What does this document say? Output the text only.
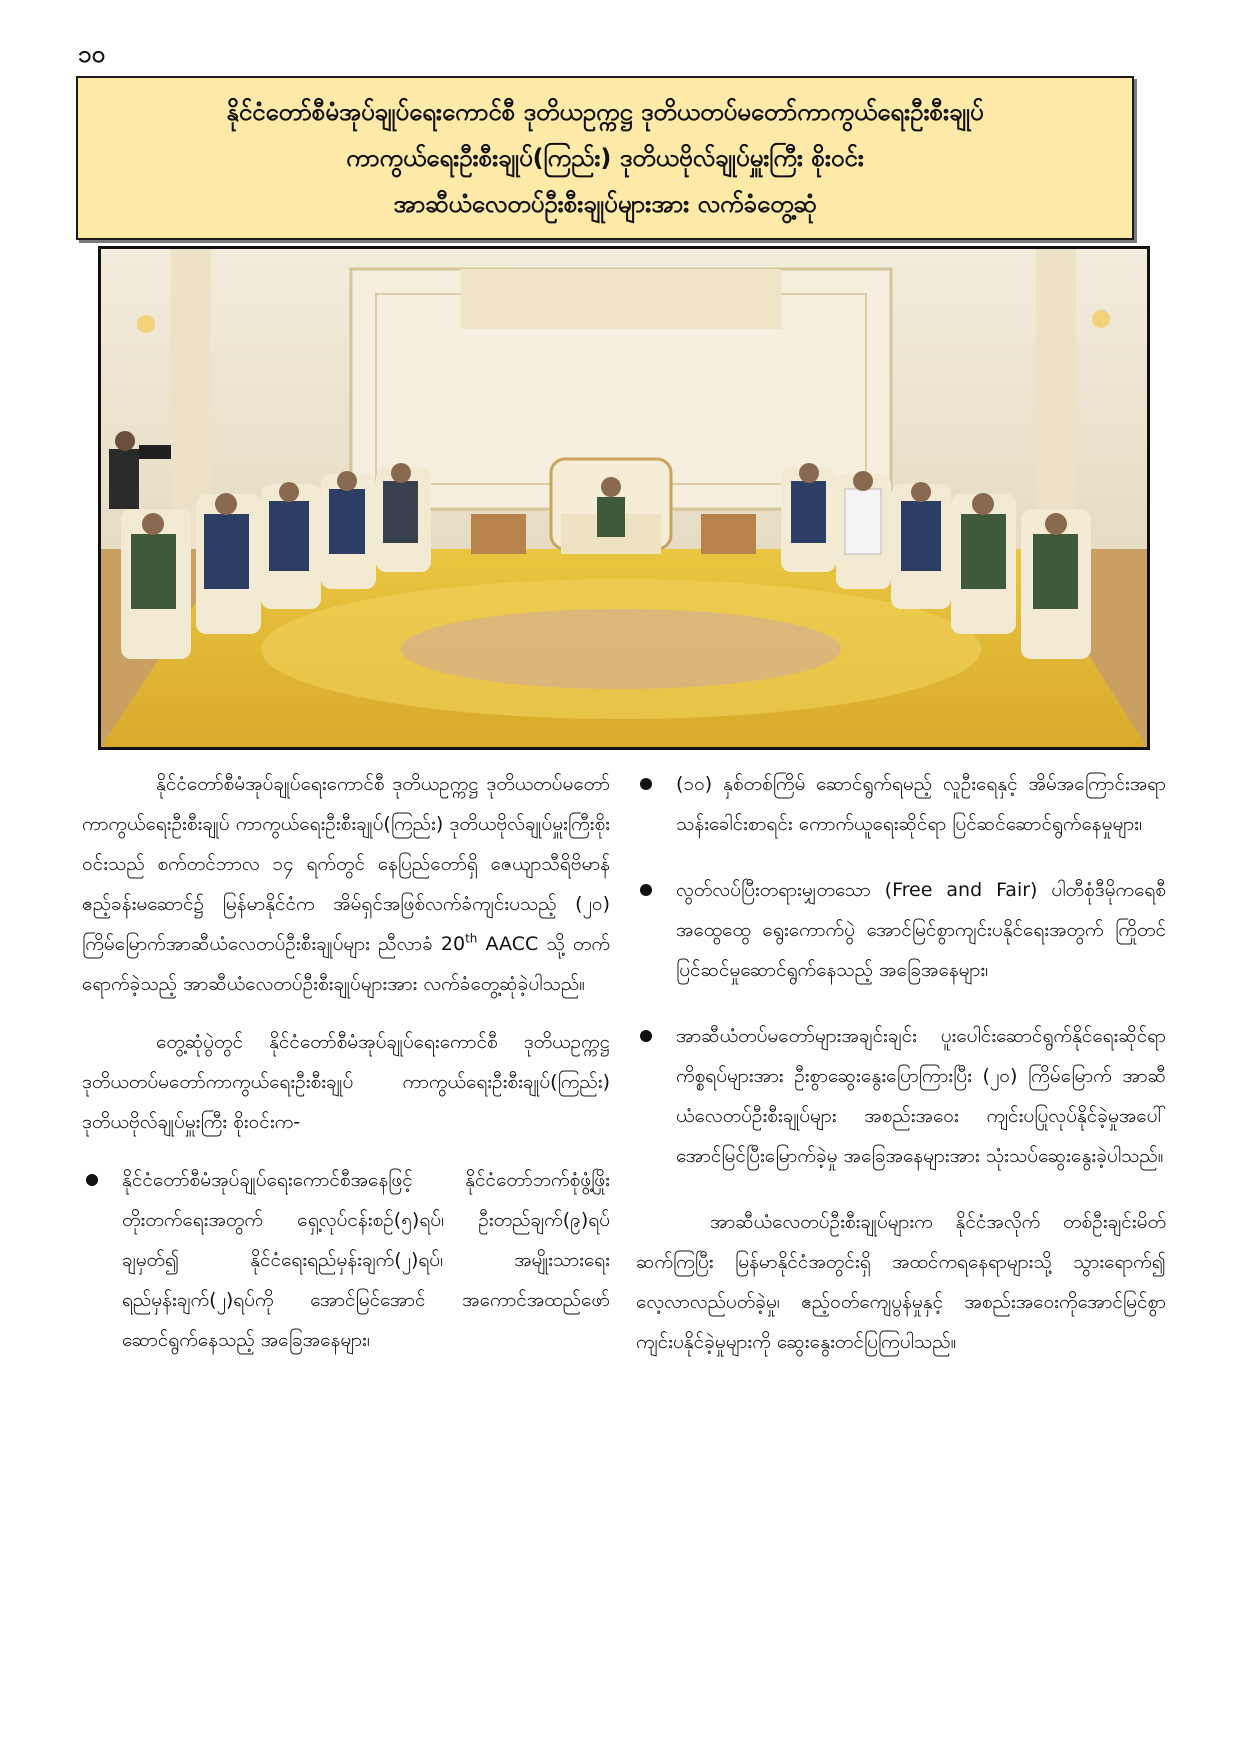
၁၀
နိုင်ငံတော်စီမံအုပ်ချုပ်ရေးကောင်စီ ဒုတိယဥက္ကဋ္ဌ ဒုတိယတပ်မတော်ကာကွယ်ရေးဦးစီးချုပ်
ကာကွယ်ရေးဦးစီးချုပ်(ကြည်း) ဒုတိယဗိုလ်ချုပ်မှူးကြီး စိုးဝင်း
အာဆီယံလေတပ်ဦးစီးချုပ်များအား လက်ခံတွေ့ဆုံ

နိုင်ငံတော်စီမံအုပ်ချုပ်ရေးကောင်စီ ဒုတိယဥက္ကဋ္ဌ ဒုတိယတပ်မတော်ကာကွယ်ရေးဦးစီးချုပ် ကာကွယ်ရေးဦးစီးချုပ်(ကြည်း) ဒုတိယဗိုလ်ချုပ်မှူးကြီးစိုးဝင်းသည် စက်တင်ဘာလ ၁၄ ရက်တွင် နေပြည်တော်ရှိ ဇေယျာသီရိဗိမာန် ဧည့်ခန်းမဆောင်၌ မြန်မာနိုင်ငံက အိမ်ရှင်အဖြစ်လက်ခံကျင်းပသည့် (၂၀) ကြိမ်မြောက်အာဆီယံလေတပ်ဦးစီးချုပ်များ ညီလာခံ 20th AACC သို့ တက်ရောက်ခဲ့သည့် အာဆီယံလေတပ်ဦးစီးချုပ်များအား လက်ခံတွေ့ဆုံခဲ့ပါသည်။

တွေ့ဆုံပွဲတွင် နိုင်ငံတော်စီမံအုပ်ချုပ်ရေးကောင်စီ ဒုတိယဥက္ကဋ္ဌ ဒုတိယတပ်မတော်ကာကွယ်ရေးဦးစီးချုပ် ကာကွယ်ရေးဦးစီးချုပ်(ကြည်း) ဒုတိယဗိုလ်ချုပ်မှူးကြီး စိုးဝင်းက-

နိုင်ငံတော်စီမံအုပ်ချုပ်ရေးကောင်စီအနေဖြင့် နိုင်ငံတော်ဘက်စုံဖွံ့ဖြိုးတိုးတက်ရေးအတွက် ရှေ့လုပ်ငန်းစဉ်(၅)ရပ်၊ ဦးတည်ချက်(၉)ရပ် ချမှတ်၍ နိုင်ငံရေးရည်မှန်းချက်(၂)ရပ်၊ အမျိုးသားရေးရည်မှန်းချက်(၂)ရပ်ကို အောင်မြင်အောင် အကောင်အထည်ဖော် ဆောင်ရွက်နေသည့် အခြေအနေများ၊
(၁၀) နှစ်တစ်ကြိမ် ဆောင်ရွက်ရမည့် လူဦးရေနှင့် အိမ်အကြောင်းအရာ သန်းခေါင်းစာရင်း ကောက်ယူရေးဆိုင်ရာ ပြင်ဆင်ဆောင်ရွက်နေမှုများ၊
လွတ်လပ်ပြီးတရားမျှတသော (Free and Fair) ပါတီစုံဒီမိုကရေစီအထွေထွေ ရွေးကောက်ပွဲ အောင်မြင်စွာကျင်းပနိုင်ရေးအတွက် ကြိုတင်ပြင်ဆင်မှုဆောင်ရွက်နေသည့် အခြေအနေများ၊
အာဆီယံတပ်မတော်များအချင်းချင်း ပူးပေါင်းဆောင်ရွက်နိုင်ရေးဆိုင်ရာကိစ္စရပ်များအား ဦးစွာဆွေးနွေးပြောကြားပြီး (၂၀) ကြိမ်မြောက် အာဆီယံလေတပ်ဦးစီးချုပ်များ အစည်းအဝေး ကျင်းပပြုလုပ်နိုင်ခဲ့မှုအပေါ် အောင်မြင်ပြီးမြောက်ခဲ့မှု အခြေအနေများအား သုံးသပ်ဆွေးနွေးခဲ့ပါသည်။

အာဆီယံလေတပ်ဦးစီးချုပ်များက နိုင်ငံအလိုက် တစ်ဦးချင်းမိတ်ဆက်ကြပြီး မြန်မာနိုင်ငံအတွင်းရှိ အထင်ကရနေရာများသို့ သွားရောက်၍ လေ့လာလည်ပတ်ခဲ့မှု၊ ဧည့်ဝတ်ကျေပွန်မှုနှင့် အစည်းအဝေးကိုအောင်မြင်စွာ ကျင်းပနိုင်ခဲ့မှုများကို ဆွေးနွေးတင်ပြကြပါသည်။
